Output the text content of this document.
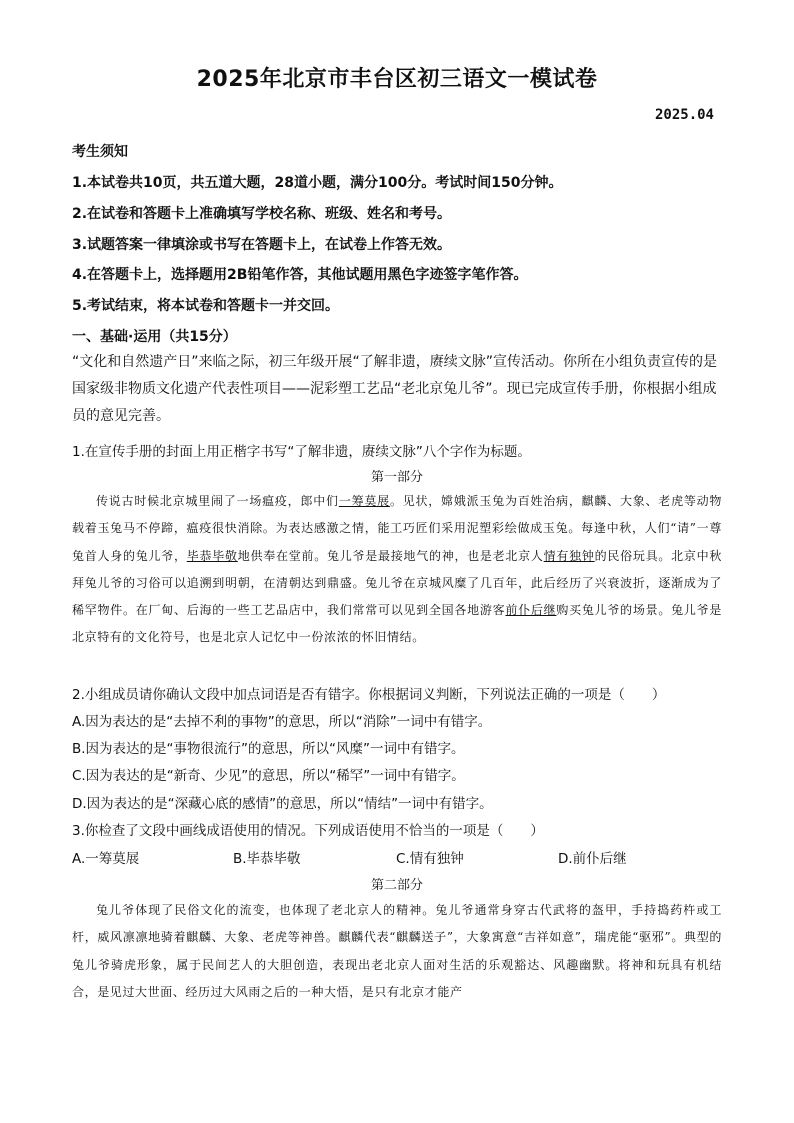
2025年北京市丰台区初三语文一模试卷
2025.04
考生须知
1.本试卷共10页，共五道大题，28道小题，满分100分。考试时间150分钟。
2.在试卷和答题卡上准确填写学校名称、班级、姓名和考号。
3.试题答案一律填涂或书写在答题卡上，在试卷上作答无效。
4.在答题卡上，选择题用2B铅笔作答，其他试题用黑色字迹签字笔作答。
5.考试结束，将本试卷和答题卡一并交回。
一、基础·运用（共15分）
“文化和自然遗产日”来临之际，初三年级开展“了解非遗，赓续文脉”宣传活动。你所在小组负责宣传的是国家级非物质文化遗产代表性项目——泥彩塑工艺品“老北京兔儿爷”。现已完成宣传手册，你根据小组成员的意见完善。
1.在宣传手册的封面上用正楷字书写“了解非遗，赓续文脉”八个字作为标题。
第一部分
传说古时候北京城里闹了一场瘟疫，郎中们一筹莫展。见状，嫦娥派玉兔为百姓治病，麒麟、大象、老虎等动物载着玉兔马不停蹄，瘟疫很快消除。为表达感激之情，能工巧匠们采用泥塑彩绘做成玉兔。每逢中秋，人们“请”一尊兔首人身的兔儿爷，毕恭毕敬地供奉在堂前。兔儿爷是最接地气的神，也是老北京人情有独钟的民俗玩具。北京中秋拜兔儿爷的习俗可以追溯到明朝，在清朝达到鼎盛。兔儿爷在京城风糜了几百年，此后经历了兴衰波折，逐渐成为了稀罕物件。在厂甸、后海的一些工艺品店中，我们常常可以见到全国各地游客前仆后继购买兔儿爷的场景。兔儿爷是北京特有的文化符号，也是北京人记忆中一份浓浓的怀旧情结。
2.小组成员请你确认文段中加点词语是否有错字。你根据词义判断，下列说法正确的一项是（　　）
A.因为表达的是“去掉不利的事物”的意思，所以“消除”一词中有错字。
B.因为表达的是“事物很流行”的意思，所以“风糜”一词中有错字。
C.因为表达的是“新奇、少见”的意思，所以“稀罕”一词中有错字。
D.因为表达的是“深藏心底的感情”的意思，所以“情结”一词中有错字。
3.你检查了文段中画线成语使用的情况。下列成语使用不恰当的一项是（　　）
A.一筹莫展	B.毕恭毕敬	C.情有独钟	D.前仆后继
第二部分
兔儿爷体现了民俗文化的流变，也体现了老北京人的精神。兔儿爷通常身穿古代武将的盔甲，手持捣药杵或工杆，威风凛凛地骑着麒麟、大象、老虎等神兽。麒麟代表“麒麟送子”，大象寓意“吉祥如意”，瑞虎能“驱邪”。典型的兔儿爷骑虎形象，属于民间艺人的大胆创造，表现出老北京人面对生活的乐观豁达、风趣幽默。将神和玩具有机结合，是见过大世面、经历过大风雨之后的一种大悟，是只有北京才能产
